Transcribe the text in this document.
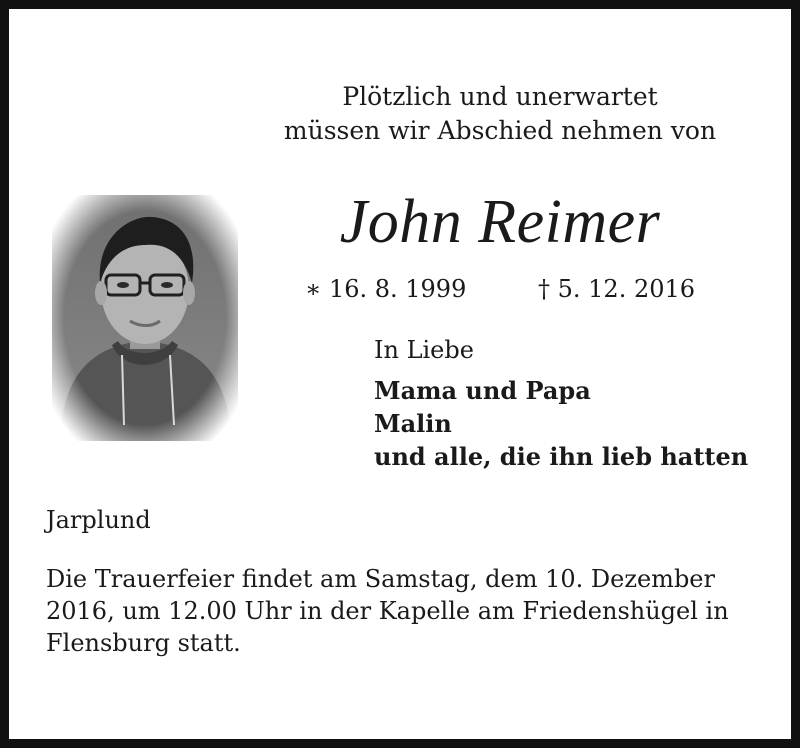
Plötzlich und unerwartet
müssen wir Abschied nehmen von
John Reimer
∗ 16. 8. 1999	† 5. 12. 2016
In Liebe
Mama und Papa
Malin
und alle, die ihn lieb hatten
Jarplund
Die Trauerfeier findet am Samstag, dem 10. Dezember 2016, um 12.00 Uhr in der Kapelle am Friedenshügel in Flensburg statt.
